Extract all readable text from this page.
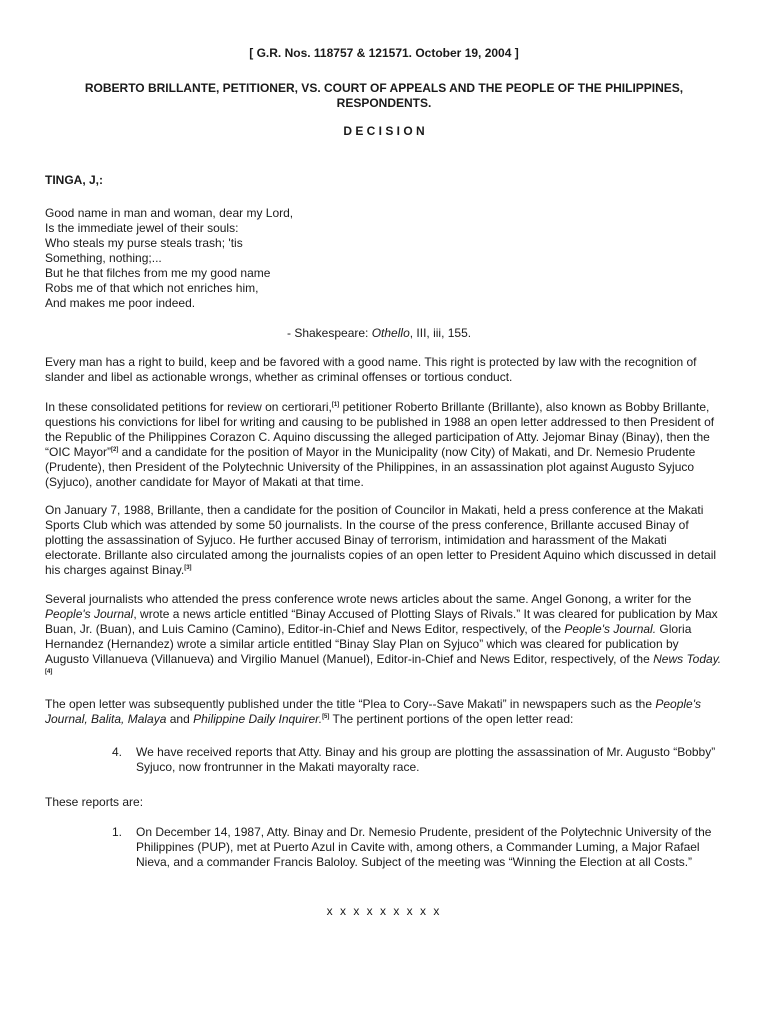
[ G.R. Nos. 118757 & 121571. October 19, 2004 ]
ROBERTO BRILLANTE, PETITIONER, VS. COURT OF APPEALS AND THE PEOPLE OF THE PHILIPPINES,
RESPONDENTS.
D E C I S I O N
TINGA, J,:
Good name in man and woman, dear my Lord,
Is the immediate jewel of their souls:
Who steals my purse steals trash; 'tis
Something, nothing;...
But he that filches from me my good name
Robs me of that which not enriches him,
And makes me poor indeed.
- Shakespeare: Othello, III, iii, 155.
Every man has a right to build, keep and be favored with a good name. This right is protected by law with the recognition of slander and libel as actionable wrongs, whether as criminal offenses or tortious conduct.
In these consolidated petitions for review on certiorari,[1] petitioner Roberto Brillante (Brillante), also known as Bobby Brillante, questions his convictions for libel for writing and causing to be published in 1988 an open letter addressed to then President of the Republic of the Philippines Corazon C. Aquino discussing the alleged participation of Atty. Jejomar Binay (Binay), then the “OIC Mayor”[2] and a candidate for the position of Mayor in the Municipality (now City) of Makati, and Dr. Nemesio Prudente (Prudente), then President of the Polytechnic University of the Philippines, in an assassination plot against Augusto Syjuco (Syjuco), another candidate for Mayor of Makati at that time.
On January 7, 1988, Brillante, then a candidate for the position of Councilor in Makati, held a press conference at the Makati Sports Club which was attended by some 50 journalists. In the course of the press conference, Brillante accused Binay of plotting the assassination of Syjuco. He further accused Binay of terrorism, intimidation and harassment of the Makati electorate. Brillante also circulated among the journalists copies of an open letter to President Aquino which discussed in detail his charges against Binay.[3]
Several journalists who attended the press conference wrote news articles about the same. Angel Gonong, a writer for the People's Journal, wrote a news article entitled “Binay Accused of Plotting Slays of Rivals.” It was cleared for publication by Max Buan, Jr. (Buan), and Luis Camino (Camino), Editor-in-Chief and News Editor, respectively, of the People's Journal. Gloria Hernandez (Hernandez) wrote a similar article entitled “Binay Slay Plan on Syjuco” which was cleared for publication by Augusto Villanueva (Villanueva) and Virgilio Manuel (Manuel), Editor-in-Chief and News Editor, respectively, of the News Today.[4]
The open letter was subsequently published under the title “Plea to Cory--Save Makati” in newspapers such as the People's Journal, Balita, Malaya and Philippine Daily Inquirer.[5] The pertinent portions of the open letter read:
4. We have received reports that Atty. Binay and his group are plotting the assassination of Mr. Augusto “Bobby” Syjuco, now frontrunner in the Makati mayoralty race.
These reports are:
1. On December 14, 1987, Atty. Binay and Dr. Nemesio Prudente, president of the Polytechnic University of the Philippines (PUP), met at Puerto Azul in Cavite with, among others, a Commander Luming, a Major Rafael Nieva, and a commander Francis Baloloy. Subject of the meeting was “Winning the Election at all Costs.”
x x x x x x x x x
